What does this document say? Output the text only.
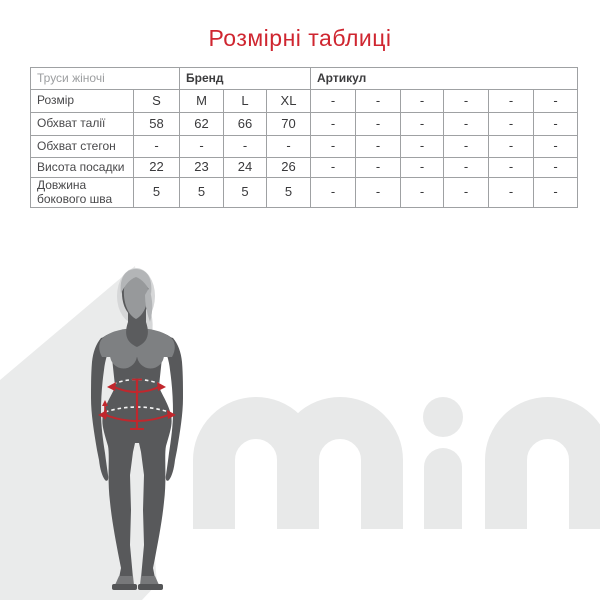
Розмірні таблиці
Труси жіночі		Бренд			Артикул					
Розмір	S	M	L	XL	-	-	-	-	-	-
Обхват талії	58	62	66	70	-	-	-	-	-	-
Обхват стегон	-	-	-	-	-	-	-	-	-	-
Висота посадки	22	23	24	26	-	-	-	-	-	-
Довжина бокового шва	5	5	5	5	-	-	-	-	-	-
